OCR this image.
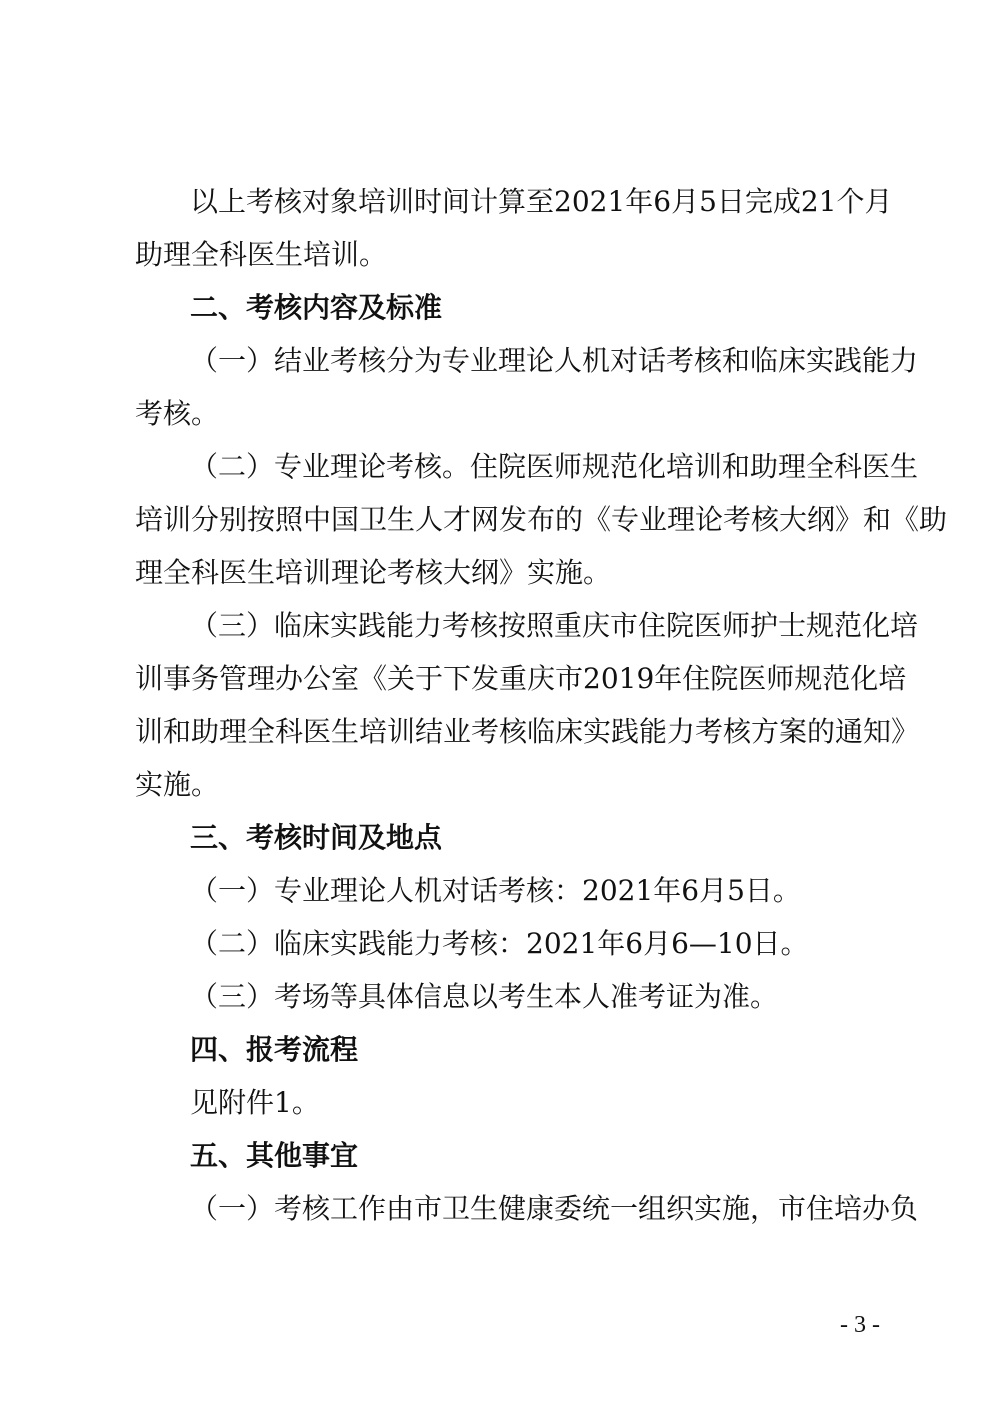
以上考核对象培训时间计算至2021年6月5日完成21个月
助理全科医生培训。
二、考核内容及标准
（一）结业考核分为专业理论人机对话考核和临床实践能力
考核。
（二）专业理论考核。住院医师规范化培训和助理全科医生
培训分别按照中国卫生人才网发布的《专业理论考核大纲》和《助
理全科医生培训理论考核大纲》实施。
（三）临床实践能力考核按照重庆市住院医师护士规范化培
训事务管理办公室《关于下发重庆市2019年住院医师规范化培
训和助理全科医生培训结业考核临床实践能力考核方案的通知》
实施。
三、考核时间及地点
（一）专业理论人机对话考核：2021年6月5日。
（二）临床实践能力考核：2021年6月6—10日。
（三）考场等具体信息以考生本人准考证为准。
四、报考流程
见附件1。
五、其他事宜
（一）考核工作由市卫生健康委统一组织实施，市住培办负
- 3 -
